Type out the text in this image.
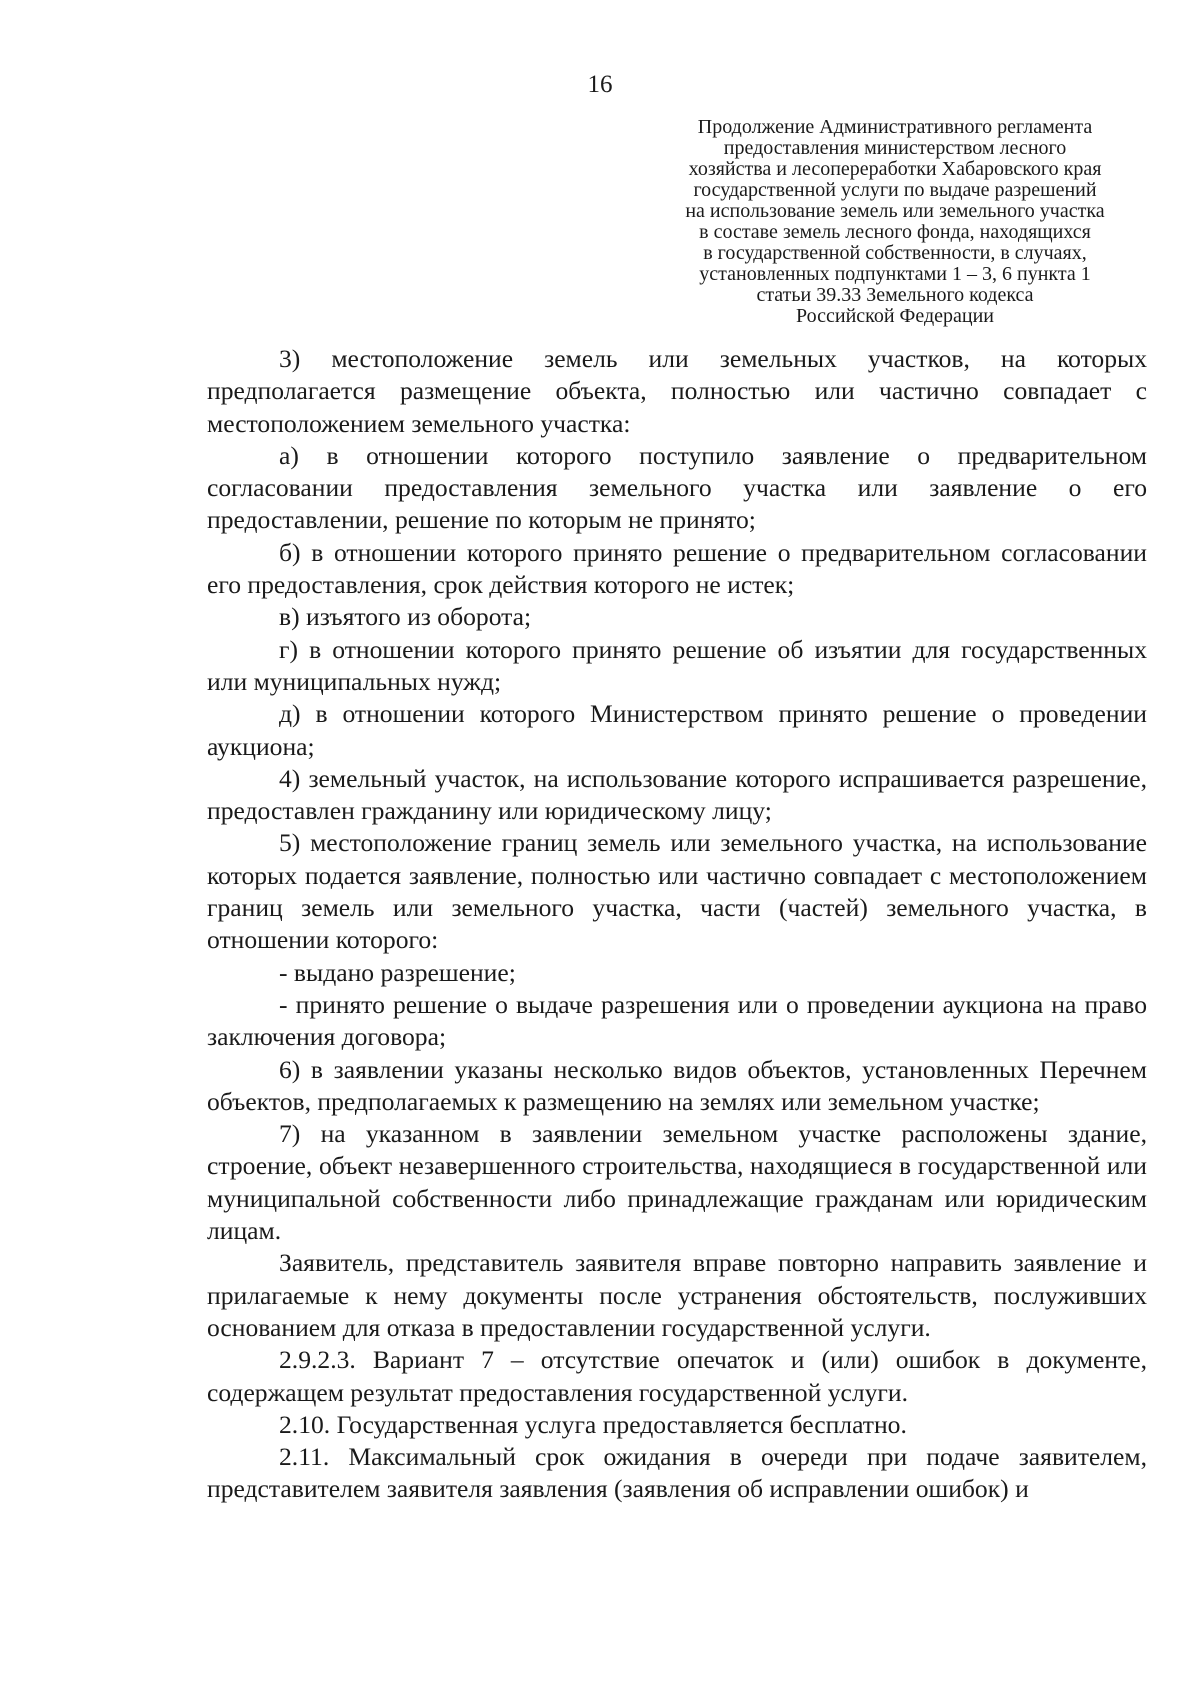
16
Продолжение Административного регламента
предоставления министерством лесного
хозяйства и лесопереработки Хабаровского края
государственной услуги по выдаче разрешений
на использование земель или земельного участка
в составе земель лесного фонда, находящихся
в государственной собственности, в случаях,
установленных подпунктами 1 – 3, 6 пункта 1
статьи 39.33 Земельного кодекса
Российской Федерации

3) местоположение земель или земельных участков, на которых предполагается размещение объекта, полностью или частично совпадает с местоположением земельного участка:

а) в отношении которого поступило заявление о предварительном согласовании предоставления земельного участка или заявление о его предоставлении, решение по которым не принято;

б) в отношении которого принято решение о предварительном согласовании его предоставления, срок действия которого не истек;

в) изъятого из оборота;

г) в отношении которого принято решение об изъятии для государственных или муниципальных нужд;

д) в отношении которого Министерством принято решение о проведении аукциона;

4) земельный участок, на использование которого испрашивается разрешение, предоставлен гражданину или юридическому лицу;

5) местоположение границ земель или земельного участка, на использование которых подается заявление, полностью или частично совпадает с местоположением границ земель или земельного участка, части (частей) земельного участка, в отношении которого:

- выдано разрешение;

- принято решение о выдаче разрешения или о проведении аукциона на право заключения договора;

6) в заявлении указаны несколько видов объектов, установленных Перечнем объектов, предполагаемых к размещению на землях или земельном участке;

7) на указанном в заявлении земельном участке расположены здание, строение, объект незавершенного строительства, находящиеся в государственной или муниципальной собственности либо принадлежащие гражданам или юридическим лицам.

Заявитель, представитель заявителя вправе повторно направить заявление и прилагаемые к нему документы после устранения обстоятельств, послуживших основанием для отказа в предоставлении государственной услуги.

2.9.2.3. Вариант 7 – отсутствие опечаток и (или) ошибок в документе, содержащем результат предоставления государственной услуги.

2.10. Государственная услуга предоставляется бесплатно.

2.11. Максимальный срок ожидания в очереди при подаче заявителем, представителем заявителя заявления (заявления об исправлении ошибок) и
